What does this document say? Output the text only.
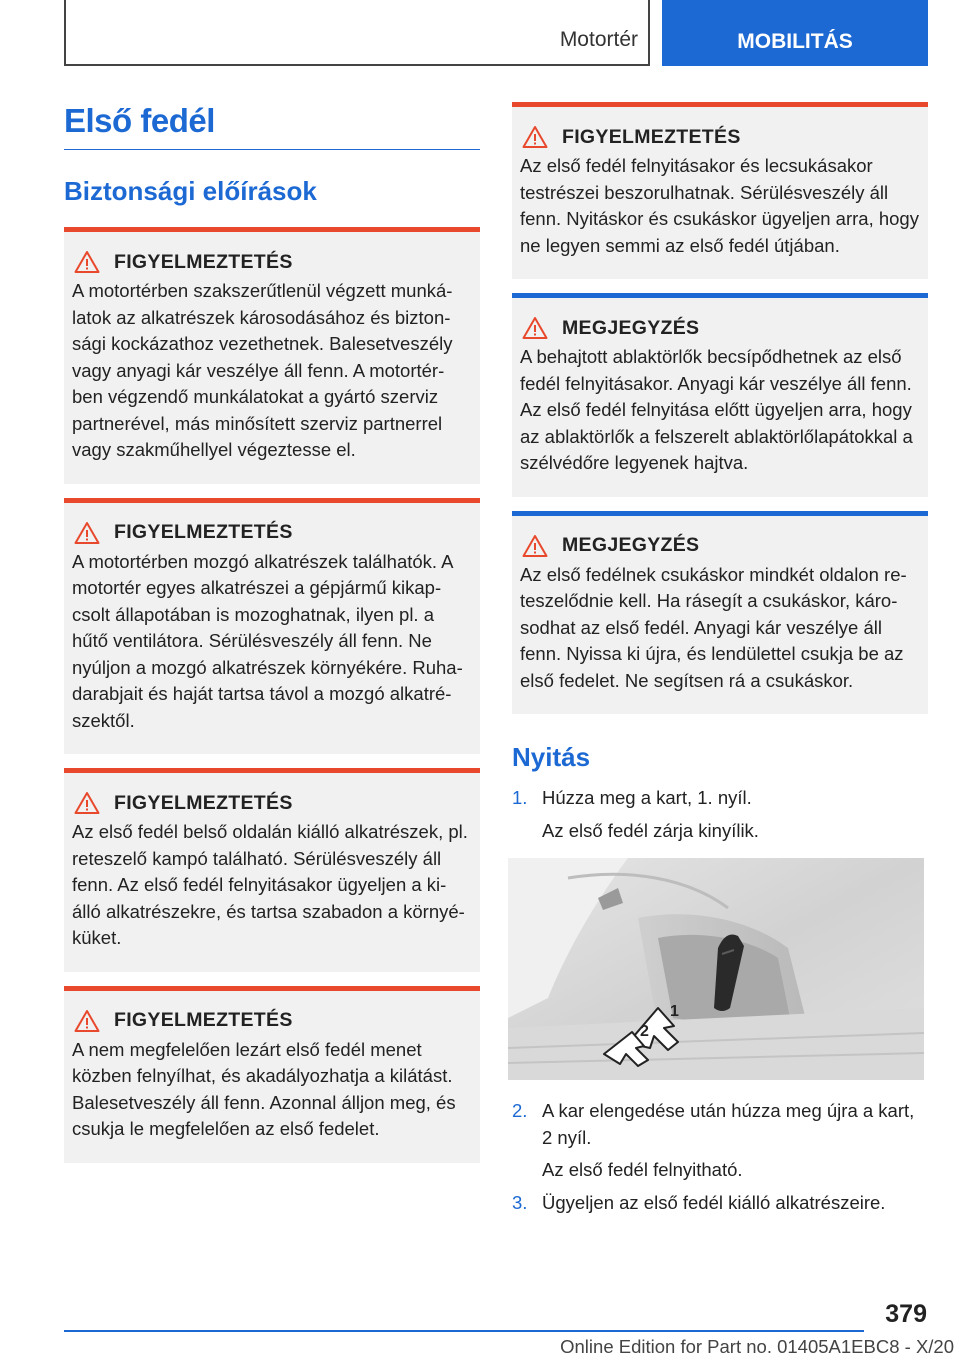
Motortér	MOBILITÁS
Első fedél
Biztonsági előírások
FIGYELMEZTETÉS

A motortérben szakszerűtlenül végzett munká-latok az alkatrészek károsodásához és bizton-sági kockázathoz vezethetnek. Balesetveszély vagy anyagi kár veszélye áll fenn. A motortér-ben végzendő munkálatokat a gyártó szerviz partnerével, más minősített szerviz partnerrel vagy szakműhellyel végeztesse el.

FIGYELMEZTETÉS

A motortérben mozgó alkatrészek találhatók. A motortér egyes alkatrészei a gépjármű kikap-csolt állapotában is mozoghatnak, ilyen pl. a hűtő ventilátora. Sérülésveszély áll fenn. Ne nyúljon a mozgó alkatrészek környékére. Ruha-darabjait és haját tartsa távol a mozgó alkatré-szektől.

FIGYELMEZTETÉS

Az első fedél belső oldalán kiálló alkatrészek, pl. reteszelő kampó található. Sérülésveszély áll fenn. Az első fedél felnyitásakor ügyeljen a ki-álló alkatrészekre, és tartsa szabadon a környé-küket.

FIGYELMEZTETÉS

A nem megfelelően lezárt első fedél menet közben felnyílhat, és akadályozhatja a kilátást. Balesetveszély áll fenn. Azonnal álljon meg, és csukja le megfelelően az első fedelet.

FIGYELMEZTETÉS

Az első fedél felnyitásakor és lecsukásakor testrészei beszorulhatnak. Sérülésveszély áll fenn. Nyitáskor és csukáskor ügyeljen arra, hogy ne legyen semmi az első fedél útjában.

MEGJEGYZÉS

A behajtott ablaktörlők becsípődhetnek az első fedél felnyitásakor. Anyagi kár veszélye áll fenn. Az első fedél felnyitása előtt ügyeljen arra, hogy az ablaktörlők a felszerelt ablaktörlőlapátokkal a szélvédőre legyenek hajtva.

MEGJEGYZÉS

Az első fedélnek csukáskor mindkét oldalon re-teszelődnie kell. Ha rásegít a csukáskor, káro-sodhat az első fedél. Anyagi kár veszélye áll fenn. Nyissa ki újra, és lendülettel csukja be az első fedelet. Ne segítsen rá a csukáskor.

Nyitás
1. Húzza meg a kart, 1. nyíl.

Az első fedél zárja kinyílik.

1
2
2. A kar elengedése után húzza meg újra a kart, 2 nyíl.

Az első fedél felnyitható.

3. Ügyeljen az első fedél kiálló alkatrészeire.

379
Online Edition for Part no. 01405A1EBC8 - X/20
